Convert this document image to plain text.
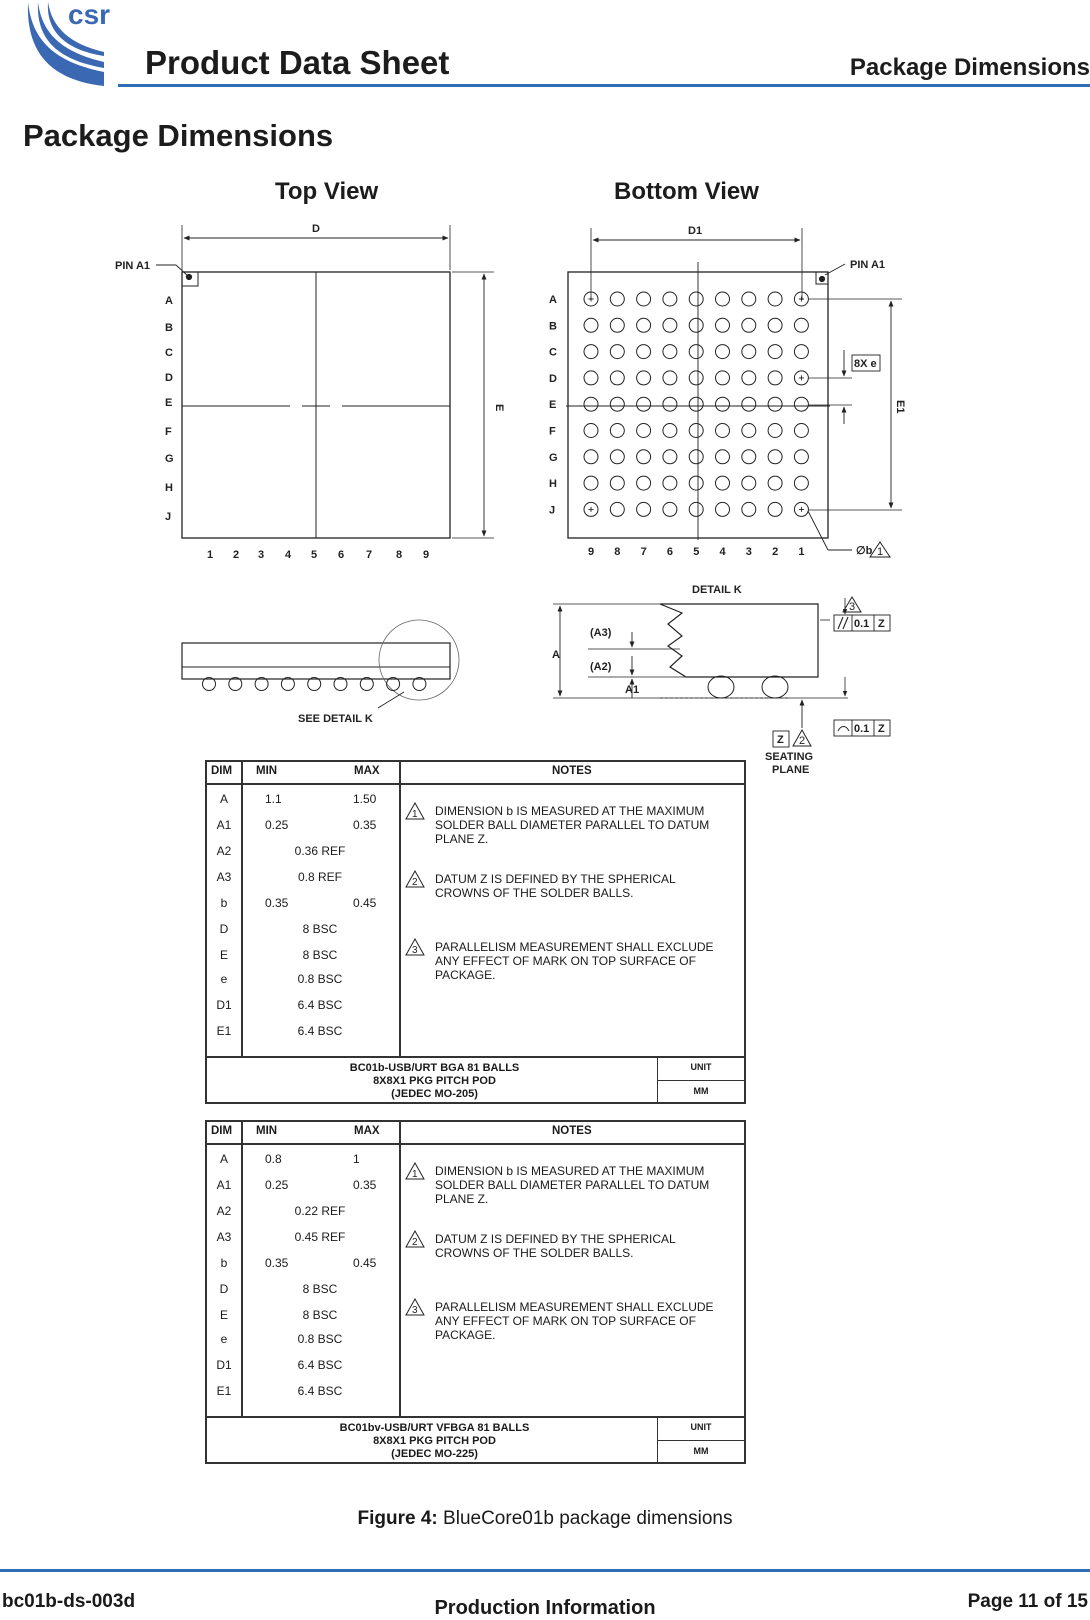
csr
Product Data Sheet	Package Dimensions
Package Dimensions
Top View	Bottom View
D
E
PIN A1
A
B
C
D
E
F
G
H
J
1 2 3 4 5 6 7 8 9
SEE DETAIL K
A
B
C
D
E
F
G
H
J
9 8 7 6 5 4 3 2 1
D1
E1
PIN A1
8X e
∅b 1
DETAIL K
A
(A3)
(A2)
A1
3
0.1 Z
0.1 Z
Z 2
SEATING
PLANE
DIM MIN	MAX	NOTES
A	1.1	1.50
A1	0.25	0.35
A2	0.36 REF
A3	0.8 REF
b	0.35	0.45
D	8 BSC
E	8 BSC
e	0.8 BSC
D1	6.4 BSC
E1	6.4 BSC
1 DIMENSION b IS MEASURED AT THE MAXIMUM
SOLDER BALL DIAMETER PARALLEL TO DATUM
PLANE Z.
2 DATUM Z IS DEFINED BY THE SPHERICAL
CROWNS OF THE SOLDER BALLS.
3 PARALLELISM MEASUREMENT SHALL EXCLUDE
ANY EFFECT OF MARK ON TOP SURFACE OF
PACKAGE.
BC01b-USB/URT BGA 81 BALLS
8X8X1 PKG PITCH POD
(JEDEC MO-205)
UNIT
MM
DIM MIN	MAX	NOTES
A	0.8	1
A1	0.25	0.35
A2	0.22 REF
A3	0.45 REF
b	0.35	0.45
D	8 BSC
E	8 BSC
e	0.8 BSC
D1	6.4 BSC
E1	6.4 BSC
1 DIMENSION b IS MEASURED AT THE MAXIMUM
SOLDER BALL DIAMETER PARALLEL TO DATUM
PLANE Z.
2 DATUM Z IS DEFINED BY THE SPHERICAL
CROWNS OF THE SOLDER BALLS.
3 PARALLELISM MEASUREMENT SHALL EXCLUDE
ANY EFFECT OF MARK ON TOP SURFACE OF
PACKAGE.
BC01bv-USB/URT VFBGA 81 BALLS
8X8X1 PKG PITCH POD
(JEDEC MO-225)
UNIT
MM
Figure 4: BlueCore01b package dimensions
bc01b-ds-003d	Production Information	Page 11 of 15
